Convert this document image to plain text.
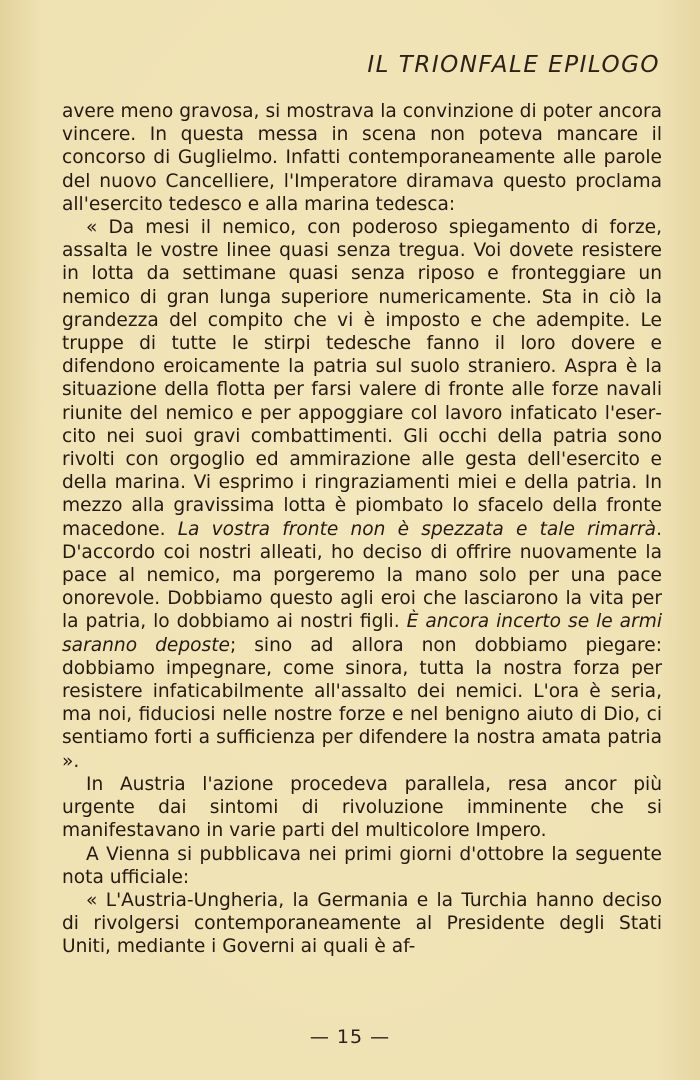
IL TRIONFALE EPILOGO

avere meno gravosa, si mostrava la convinzione di poter ancora vincere. In questa messa in scena non poteva mancare il concorso di Guglielmo. Infatti contemporaneamente alle parole del nuovo Cancelliere, l'Imperatore diramava questo proclama all'esercito tedesco e alla marina tedesca:

« Da mesi il nemico, con poderoso spiegamento di forze, assalta le vostre linee quasi senza tregua. Voi dovete resistere in lotta da settimane quasi senza riposo e fronteggiare un nemico di gran lunga superiore numericamente. Sta in ciò la grandezza del compito che vi è imposto e che adempite. Le truppe di tutte le stirpi tedesche fanno il loro dovere e difendono eroicamente la patria sul suolo straniero. Aspra è la situazione della flotta per farsi valere di fronte alle forze navali riunite del nemico e per appoggiare col lavoro infaticato l'esercito nei suoi gravi combattimenti. Gli occhi della patria sono rivolti con orgoglio ed ammirazione alle gesta dell'esercito e della marina. Vi esprimo i ringraziamenti miei e della patria. In mezzo alla gravissima lotta è piombato lo sfacelo della fronte macedone. La vostra fronte non è spezzata e tale rimarrà. D'accordo coi nostri alleati, ho deciso di offrire nuovamente la pace al nemico, ma porgeremo la mano solo per una pace onorevole. Dobbiamo questo agli eroi che lasciarono la vita per la patria, lo dobbiamo ai nostri figli. È ancora incerto se le armi saranno deposte; sino ad allora non dobbiamo piegare: dobbiamo impegnare, come sinora, tutta la nostra forza per resistere infaticabilmente all'assalto dei nemici. L'ora è seria, ma noi, fiduciosi nelle nostre forze e nel benigno aiuto di Dio, ci sentiamo forti a sufficienza per difendere la nostra amata patria ».

In Austria l'azione procedeva parallela, resa ancor più urgente dai sintomi di rivoluzione imminente che si manifestavano in varie parti del multicolore Impero.

A Vienna si pubblicava nei primi giorni d'ottobre la seguente nota ufficiale:

« L'Austria-Ungheria, la Germania e la Turchia hanno deciso di rivolgersi contemporaneamente al Presidente degli Stati Uniti, mediante i Governi ai quali è af-

— 15 —
